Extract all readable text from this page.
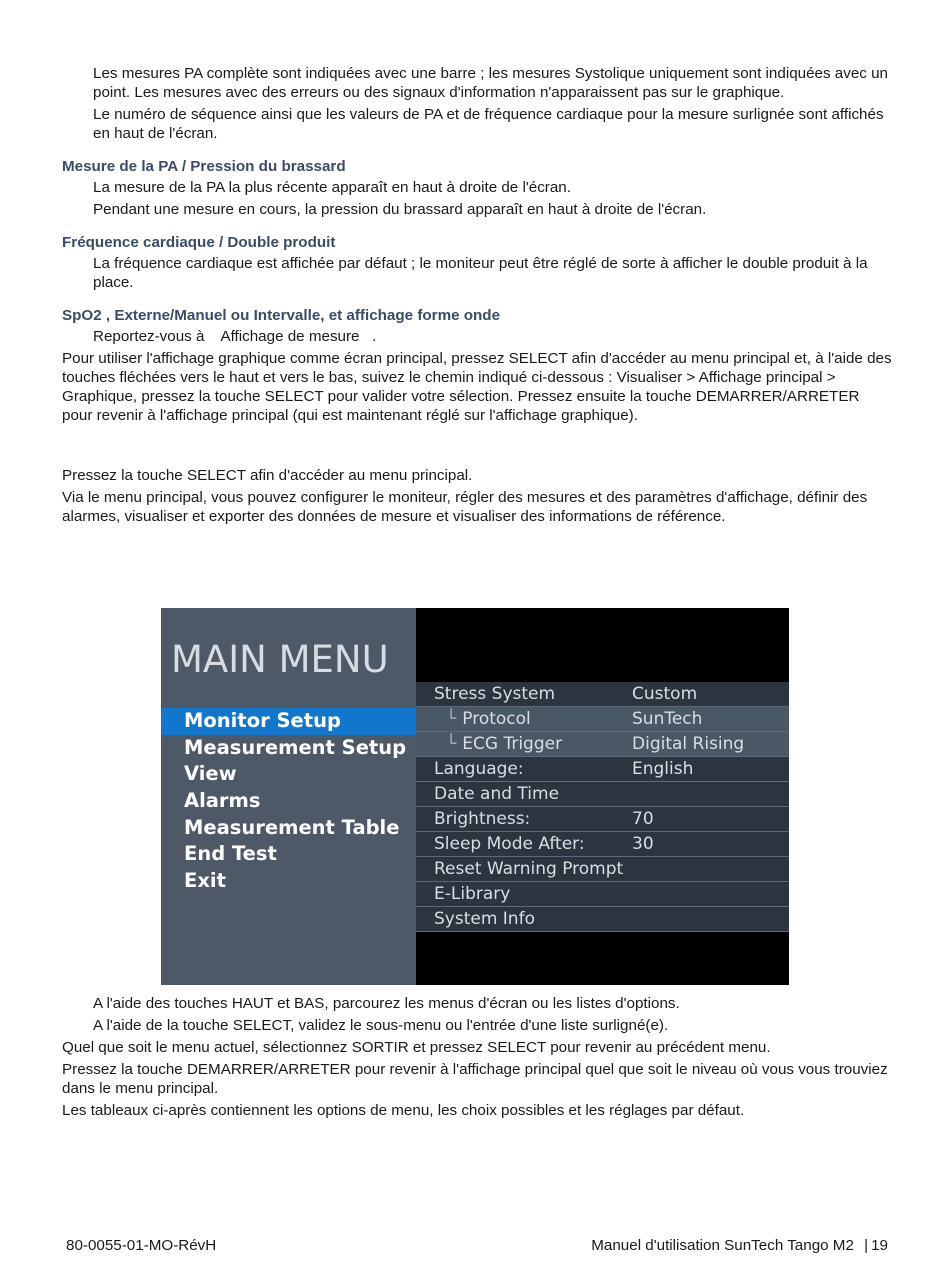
Les mesures PA complète sont indiquées avec une barre ; les mesures Systolique uniquement sont indiquées avec un point. Les mesures avec des erreurs ou des signaux d'information n'apparaissent pas sur le graphique.

Le numéro de séquence ainsi que les valeurs de PA et de fréquence cardiaque pour la mesure surlignée sont affichés en haut de l'écran.

Mesure de la PA / Pression du brassard

La mesure de la PA la plus récente apparaît en haut à droite de l'écran.

Pendant une mesure en cours, la pression du brassard apparaît en haut à droite de l'écran.

Fréquence cardiaque / Double produit

La fréquence cardiaque est affichée par défaut ; le moniteur peut être réglé de sorte à afficher le double produit à la place.

SpO2 , Externe/Manuel ou Intervalle, et affichage forme onde

Reportez-vous à    Affichage de mesure   .

Pour utiliser l'affichage graphique comme écran principal, pressez SELECT afin d'accéder au menu principal et, à l'aide des touches fléchées vers le haut et vers le bas, suivez le chemin indiqué ci-dessous : Visualiser > Affichage principal > Graphique, pressez la touche SELECT pour valider votre sélection. Pressez ensuite la touche DEMARRER/ARRETER pour revenir à l'affichage principal (qui est maintenant réglé sur l'affichage graphique).

Pressez la touche SELECT afin d'accéder au menu principal.

Via le menu principal, vous pouvez configurer le moniteur, régler des mesures et des paramètres d'affichage, définir des alarmes, visualiser et exporter des données de mesure et visualiser des informations de référence.

MAIN MENU
Monitor Setup
Measurement Setup
View
Alarms
Measurement Table
End Test
Exit
Stress System	Custom
└ Protocol	SunTech
└ ECG Trigger	Digital Rising
Language:	English
Date and Time
Brightness:	70
Sleep Mode After:	30
Reset Warning Prompt
E-Library
System Info

A l'aide des touches HAUT et BAS, parcourez les menus d'écran ou les listes d'options.

A l'aide de la touche SELECT, validez le sous-menu ou l'entrée d'une liste surligné(e).

Quel que soit le menu actuel, sélectionnez SORTIR et pressez SELECT pour revenir au précédent menu.

Pressez la touche DEMARRER/ARRETER pour revenir à l'affichage principal quel que soit le niveau où vous vous trouviez dans le menu principal.

Les tableaux ci-après contiennent les options de menu, les choix possibles et les réglages par défaut.

80-0055-01-MO-RévH	Manuel d'utilisation SunTech Tango M2 | 19
